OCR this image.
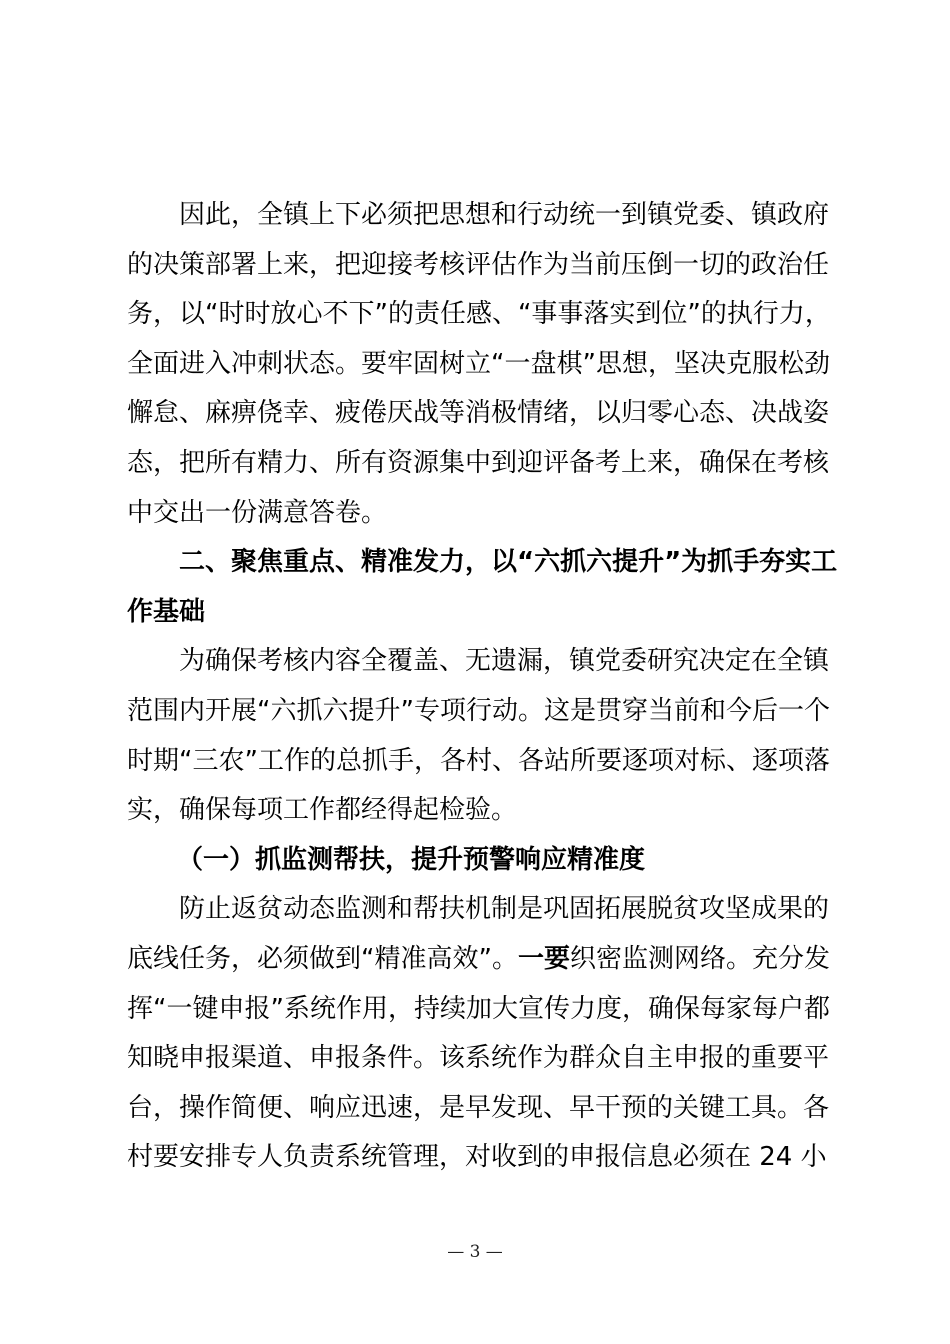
因此，全镇上下必须把思想和行动统一到镇党委、镇政府
的决策部署上来，把迎接考核评估作为当前压倒一切的政治任
务，以“时时放心不下”的责任感、“事事落实到位”的执行力，
全面进入冲刺状态。要牢固树立“一盘棋”思想，坚决克服松劲
懈怠、麻痹侥幸、疲倦厌战等消极情绪，以归零心态、决战姿
态，把所有精力、所有资源集中到迎评备考上来，确保在考核
中交出一份满意答卷。
二、聚焦重点、精准发力，以“六抓六提升”为抓手夯实工
作基础
为确保考核内容全覆盖、无遗漏，镇党委研究决定在全镇
范围内开展“六抓六提升”专项行动。这是贯穿当前和今后一个
时期“三农”工作的总抓手，各村、各站所要逐项对标、逐项落
实，确保每项工作都经得起检验。
（一）抓监测帮扶，提升预警响应精准度
防止返贫动态监测和帮扶机制是巩固拓展脱贫攻坚成果的
底线任务，必须做到“精准高效”。一要织密监测网络。充分发
挥“一键申报”系统作用，持续加大宣传力度，确保每家每户都
知晓申报渠道、申报条件。该系统作为群众自主申报的重要平
台，操作简便、响应迅速，是早发现、早干预的关键工具。各
村要安排专人负责系统管理，对收到的申报信息必须在 24 小
— 3 —
